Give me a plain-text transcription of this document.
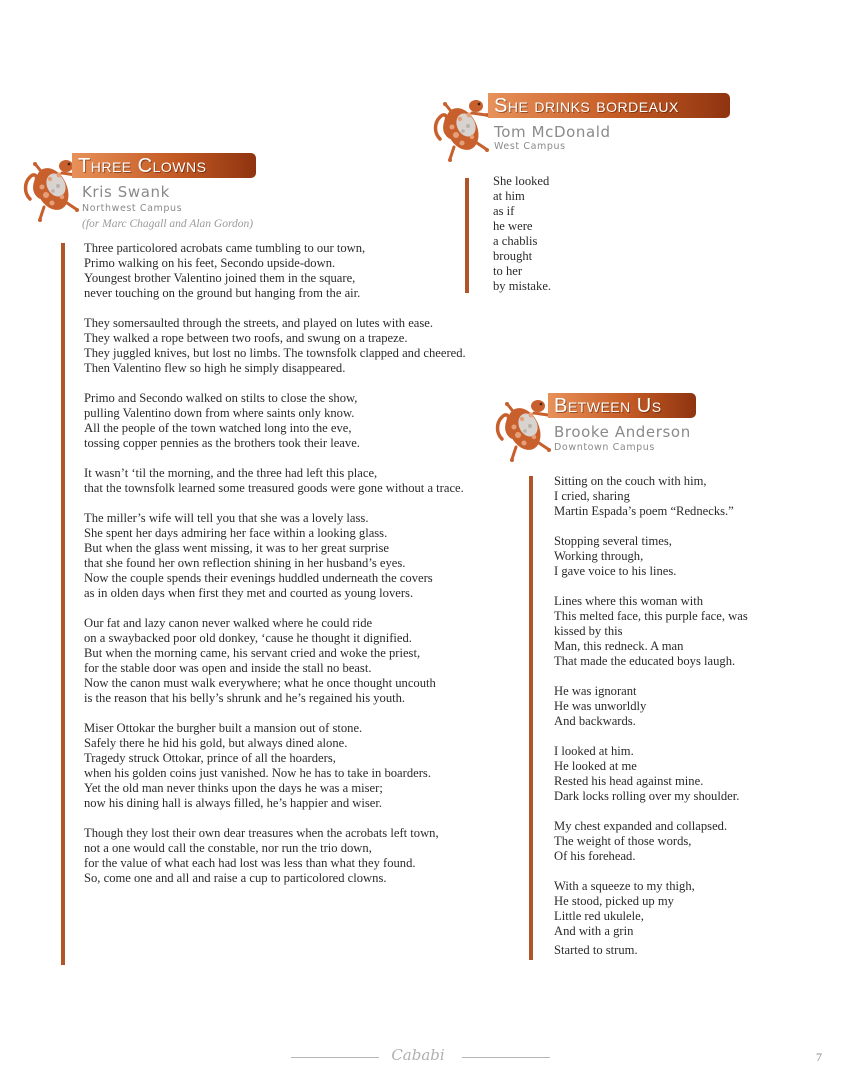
Three Clowns
Kris Swank
Northwest Campus
(for Marc Chagall and Alan Gordon)

Three particolored acrobats came tumbling to our town,
Primo walking on his feet, Secondo upside-down.
Youngest brother Valentino joined them in the square,
never touching on the ground but hanging from the air.

They somersaulted through the streets, and played on lutes with ease.
They walked a rope between two roofs, and swung on a trapeze.
They juggled knives, but lost no limbs. The townsfolk clapped and cheered.
Then Valentino flew so high he simply disappeared.

Primo and Secondo walked on stilts to close the show,
pulling Valentino down from where saints only know.
All the people of the town watched long into the eve,
tossing copper pennies as the brothers took their leave.

It wasn’t ‘til the morning, and the three had left this place,
that the townsfolk learned some treasured goods were gone without a trace.

The miller’s wife will tell you that she was a lovely lass.
She spent her days admiring her face within a looking glass.
But when the glass went missing, it was to her great surprise
that she found her own reflection shining in her husband’s eyes.
Now the couple spends their evenings huddled underneath the covers
as in olden days when first they met and courted as young lovers.

Our fat and lazy canon never walked where he could ride
on a swaybacked poor old donkey, ‘cause he thought it dignified.
But when the morning came, his servant cried and woke the priest,
for the stable door was open and inside the stall no beast.
Now the canon must walk everywhere; what he once thought uncouth
is the reason that his belly’s shrunk and he’s regained his youth.

Miser Ottokar the burgher built a mansion out of stone.
Safely there he hid his gold, but always dined alone.
Tragedy struck Ottokar, prince of all the hoarders,
when his golden coins just vanished. Now he has to take in boarders.
Yet the old man never thinks upon the days he was a miser;
now his dining hall is always filled, he’s happier and wiser.

Though they lost their own dear treasures when the acrobats left town,
not a one would call the constable, nor run the trio down,
for the value of what each had lost was less than what they found.
So, come one and all and raise a cup to particolored clowns.

She drinks bordeaux
Tom McDonald
West Campus

She looked
at him
as if
he were
a chablis
brought
to her
by mistake.

Between Us
Brooke Anderson
Downtown Campus

Sitting on the couch with him,
I cried, sharing
Martin Espada’s poem “Rednecks.”

Stopping several times,
Working through,
I gave voice to his lines.

Lines where this woman with
This melted face, this purple face, was
kissed by this
Man, this redneck. A man
That made the educated boys laugh.

He was ignorant
He was unworldly
And backwards.

I looked at him.
He looked at me
Rested his head against mine.
Dark locks rolling over my shoulder.

My chest expanded and collapsed.
The weight of those words,
Of his forehead.

With a squeeze to my thigh,
He stood, picked up my
Little red ukulele,
And with a grin
Started to strum.

Cababi	7
